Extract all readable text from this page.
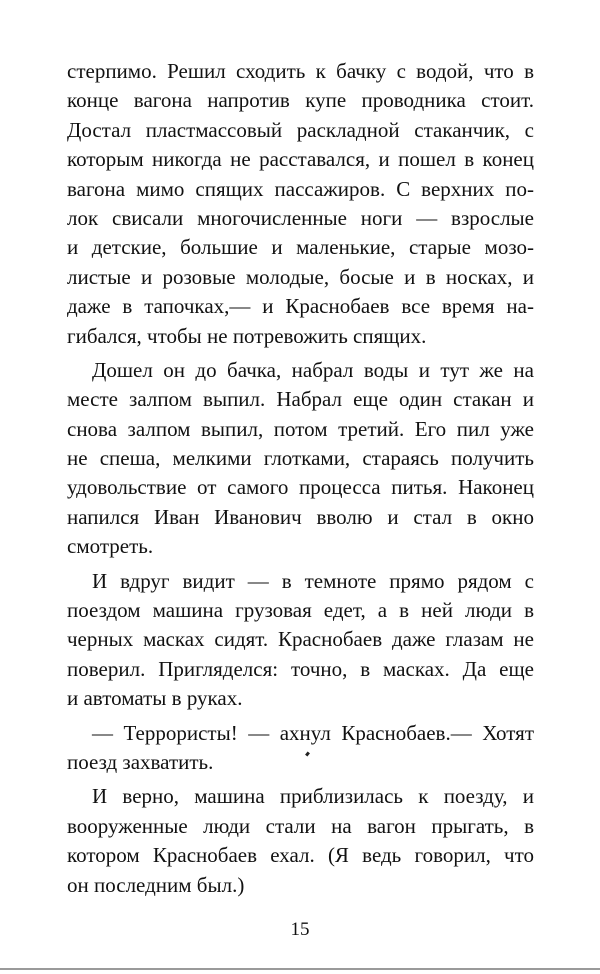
стерпимо. Решил сходить к бачку с водой, что в
конце вагона напротив купе проводника стоит.
Достал пластмассовый раскладной стаканчик, с
которым никогда не расставался, и пошел в конец
вагона мимо спящих пассажиров. С верхних по-
лок свисали многочисленные ноги — взрослые
и детские, большие и маленькие, старые мозо-
листые и розовые молодые, босые и в носках, и
даже в тапочках,— и Краснобаев все время на-
гибался, чтобы не потревожить спящих.
Дошел он до бачка, набрал воды и тут же на
месте залпом выпил. Набрал еще один стакан и
снова залпом выпил, потом третий. Его пил уже
не спеша, мелкими глотками, стараясь получить
удовольствие от самого процесса питья. Наконец
напился Иван Иванович вволю и стал в окно
смотреть.
И вдруг видит — в темноте прямо рядом с
поездом машина грузовая едет, а в ней люди в
черных масках сидят. Краснобаев даже глазам не
поверил. Пригляделся: точно, в масках. Да еще
и автоматы в руках.
— Террористы! — ахнул Краснобаев.— Хотят
поезд захватить.
И верно, машина приблизилась к поезду, и
вооруженные люди стали на вагон прыгать, в
котором Краснобаев ехал. (Я ведь говорил, что
он последним был.)
15
